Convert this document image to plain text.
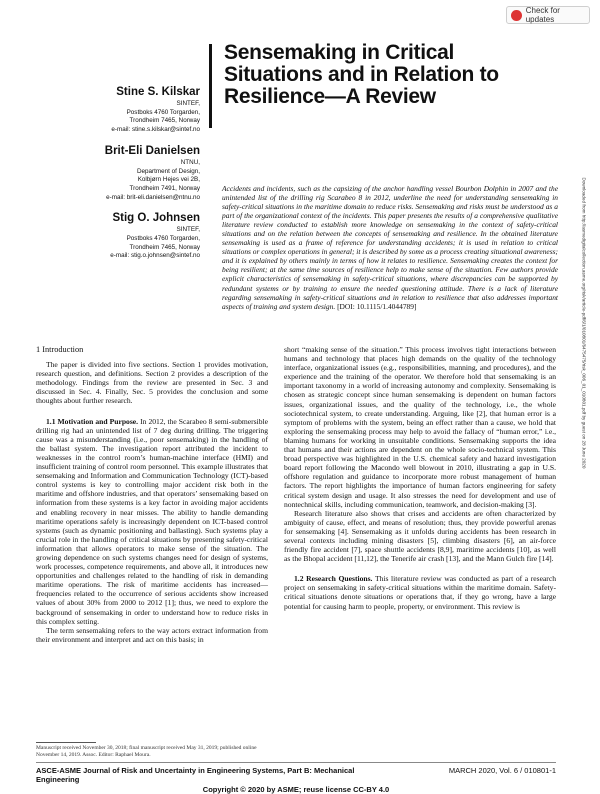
Check for updates
Sensemaking in Critical Situations and in Relation to Resilience—A Review
Stine S. Kilskar
SINTEF,
Postboks 4760 Torgarden,
Trondheim 7465, Norway
e-mail: stine.s.kilskar@sintef.no
Brit-Eli Danielsen
NTNU,
Department of Design,
Kolbjørn Hejes vei 2B,
Trondheim 7491, Norway
e-mail: brit-eli.danielsen@ntnu.no
Stig O. Johnsen
SINTEF,
Postboks 4760 Torgarden,
Trondheim 7465, Norway
e-mail: stig.o.johnsen@sintef.no
Accidents and incidents, such as the capsizing of the anchor handling vessel Bourbon Dolphin in 2007 and the unintended list of the drilling rig Scarabeo 8 in 2012, underline the need for understanding sensemaking in safety-critical situations in the maritime domain to reduce risks. Sensemaking and risks must be understood as a part of the organizational context of the incidents. This paper presents the results of a comprehensive qualitative literature review conducted to establish more knowledge on sensemaking in the context of safety-critical situations and on the relation between the concepts of sensemaking and resilience. In the obtained literature sensemaking is used as a frame of reference for understanding accidents; it is used in relation to critical situations or complex operations in general; it is described by some as a process creating situational awareness; and it is explained by others mainly in terms of how it relates to resilience. Sensemaking creates the context for being resilient; at the same time sources of resilience help to make sense of the situation. Few authors provide explicit characteristics of sensemaking in safety-critical situations, where discrepancies can be supported by redundant systems or by training to ensure the needed questioning attitude. There is a lack of literature regarding sensemaking in safety-critical situations and in relation to resilience that also addresses important aspects of training and system design. [DOI: 10.1115/1.4044789]	Downloaded from http://asmedigitalcollection.asme.org/risk/article-pdf/6/1/010801/6475475/risk_006_01_010801.pdf by guest on 28 June 2020
1 Introduction

The paper is divided into five sections. Section 1 provides motivation, research question, and definitions. Section 2 provides a description of the methodology. Findings from the review are presented in Sec. 3 and discussed in Sec. 4. Finally, Sec. 5 provides the conclusion and some thoughts about further research.

1.1 Motivation and Purpose. In 2012, the Scarabeo 8 semi-submersible drilling rig had an unintended list of 7 deg during drilling. The triggering cause was a misunderstanding (i.e., poor sensemaking) in the handling of the ballast system. The investigation report attributed the incident to weaknesses in the control room’s human-machine interface (HMI) and insufficient training of control room personnel. This example illustrates that sensemaking and Information and Communication Technology (ICT)-based control systems is key to controlling major accident risk both in the maritime and offshore industries, and that operators’ sensemaking based on information from these systems is a key factor in avoiding major accidents and enabling recovery in near misses. The ability to handle demanding maritime operations safely is increasingly dependent on ICT-based control systems (such as dynamic positioning and ballasting). Such systems play a crucial role in the handling of critical situations by presenting safety-critical information that allows operators to make sense of the situation. The growing dependence on such systems changes need for design of systems, work processes, competence requirements, and above all, it introduces new opportunities and challenges related to the handling of risk in demanding maritime operations. The risk of maritime accidents has increased—frequencies related to the occurrence of serious accidents show increased values of about 30% from 2000 to 2012 [1]; thus, we need to explore the background of sensemaking in order to understand how to reduce risks in this complex setting.

The term sensemaking refers to the way actors extract information from their environment and interpret and act on this basis; in

short “making sense of the situation.” This process involves tight interactions between humans and technology that places high demands on the quality of the technology interface, organizational issues (e.g., responsibilities, manning, and procedures), and the experience and the training of the operator. We therefore hold that sensemaking is an important taxonomy in a world of increasing autonomy and complexity. Sensemaking is chosen as strategic concept since human sensemaking is dependent on human factors issues, organizational issues, and the quality of the technology, i.e., the whole sociotechnical system, to create understanding. Arguing, like [2], that human error is a symptom of problems with the system, being an effect rather than a cause, we hold that exploring the sensemaking process may help to avoid the fallacy of “human error,” i.e., blaming humans for working in unsuitable conditions. Sensemaking supports the idea that humans and their actions are dependent on the whole socio-technical system. This broad perspective was highlighted in the U.S. chemical safety and hazard investigation board report following the Macondo well blowout in 2010, illustrating a gap in U.S. offshore regulation and guidance to incorporate more robust management of human factors. The report highlights the importance of human factors engineering for safety critical system design and usage. It also stresses the need for development and use of nontechnical skills, including communication, teamwork, and decision-making [3].

Research literature also shows that crises and accidents are often characterized by ambiguity of cause, effect, and means of resolution; thus, they provide powerful arenas for sensemaking [4]. Sensemaking as it unfolds during accidents has been research in several contexts including mining disasters [5], climbing disasters [6], an air-force friendly fire accident [7], space shuttle accidents [8,9], maritime accidents [10], as well as the Bhopal accident [11,12], the Tenerife air crash [13], and the Mann Gulch fire [14].

1.2 Research Questions. This literature review was conducted as part of a research project on sensemaking in safety-critical situations within the maritime domain. Safety-critical situations denote situations or operations that, if they go wrong, have a large potential for causing harm to people, property, or environment. This review is

Manuscript received November 30, 2018; final manuscript received May 31, 2019; published online November 14, 2019. Assoc. Editor: Raphael Moura.
ASCE-ASME Journal of Risk and Uncertainty in Engineering Systems, Part B: Mechanical Engineering
MARCH 2020, Vol. 6 / 010801-1
Copyright © 2020 by ASME; reuse license CC-BY 4.0
